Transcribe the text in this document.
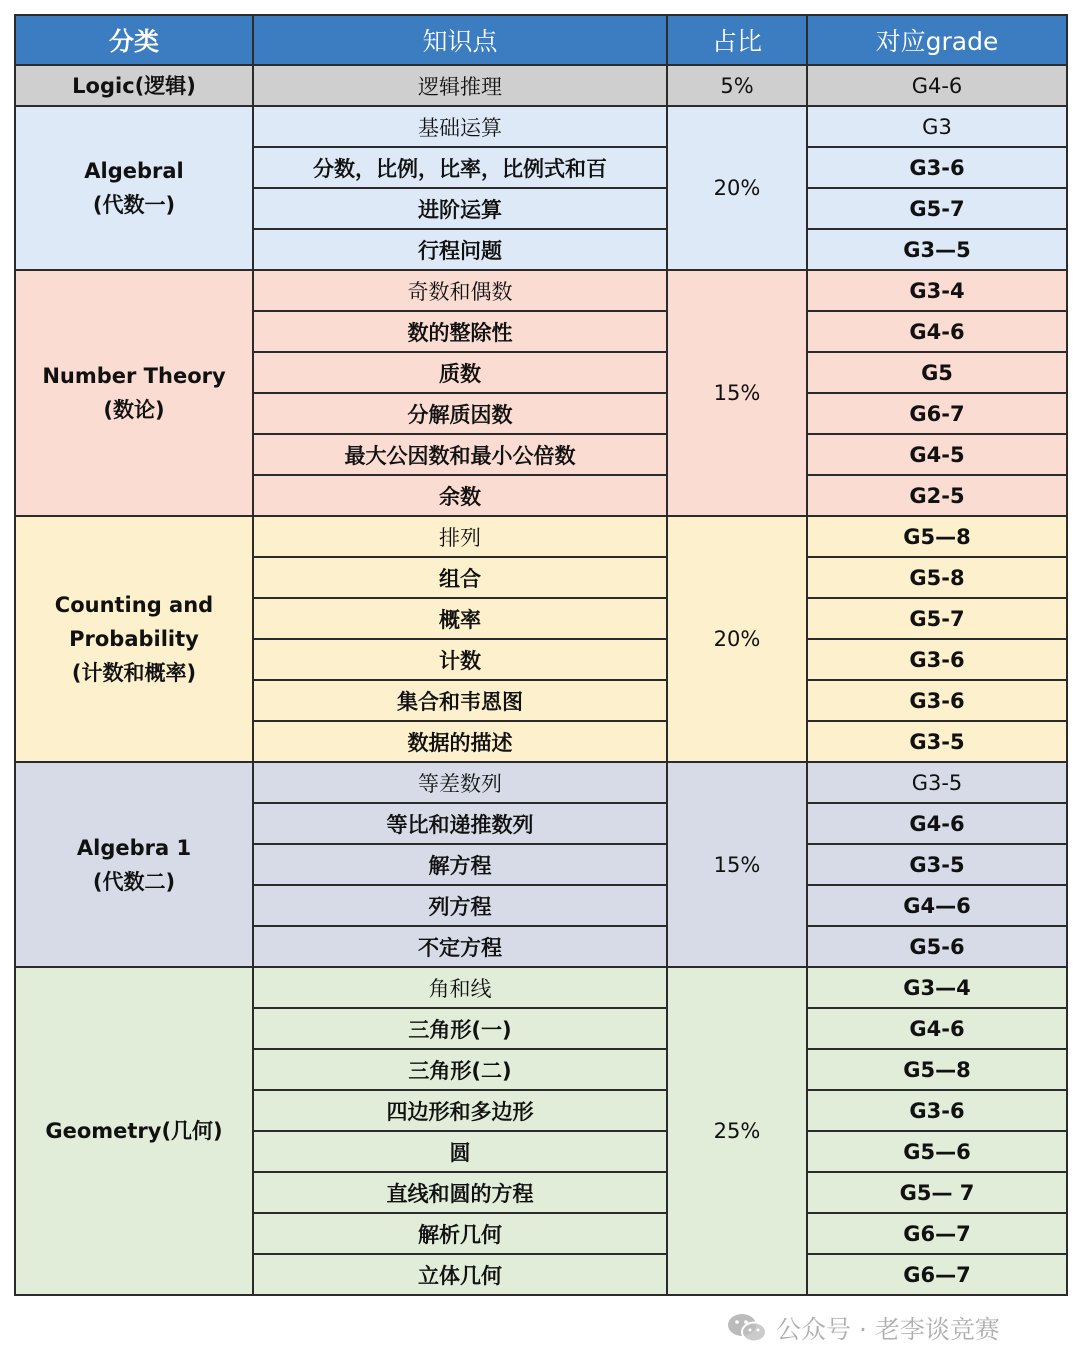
分类	知识点	占比	对应grade

Logic(逻辑)	逻辑推理	5%	G4-6

Algebral
(代数一)	基础运算	20%	G3
	分数，比例，比率，比例式和百		G3-6
	进阶运算		G5-7
	行程问题		G3—5

Number Theory
(数论)	奇数和偶数	15%	G3-4
	数的整除性		G4-6
	质数		G5
	分解质因数		G6-7
	最大公因数和最小公倍数		G4-5
	余数		G2-5

Counting and
Probability
(计数和概率)	排列	20%	G5—8
	组合		G5-8
	概率		G5-7
	计数		G3-6
	集合和韦恩图		G3-6
	数据的描述		G3-5

Algebra 1
(代数二)	等差数列	15%	G3-5
	等比和递推数列		G4-6
	解方程		G3-5
	列方程		G4—6
	不定方程		G5-6

Geometry(几何)	角和线	25%	G3—4
	三角形(一)		G4-6
	三角形(二)		G5—8
	四边形和多边形		G3-6
	圆		G5—6
	直线和圆的方程		G5— 7
	解析几何		G6—7
	立体几何		G6—7
公众号 · 老李谈竞赛
